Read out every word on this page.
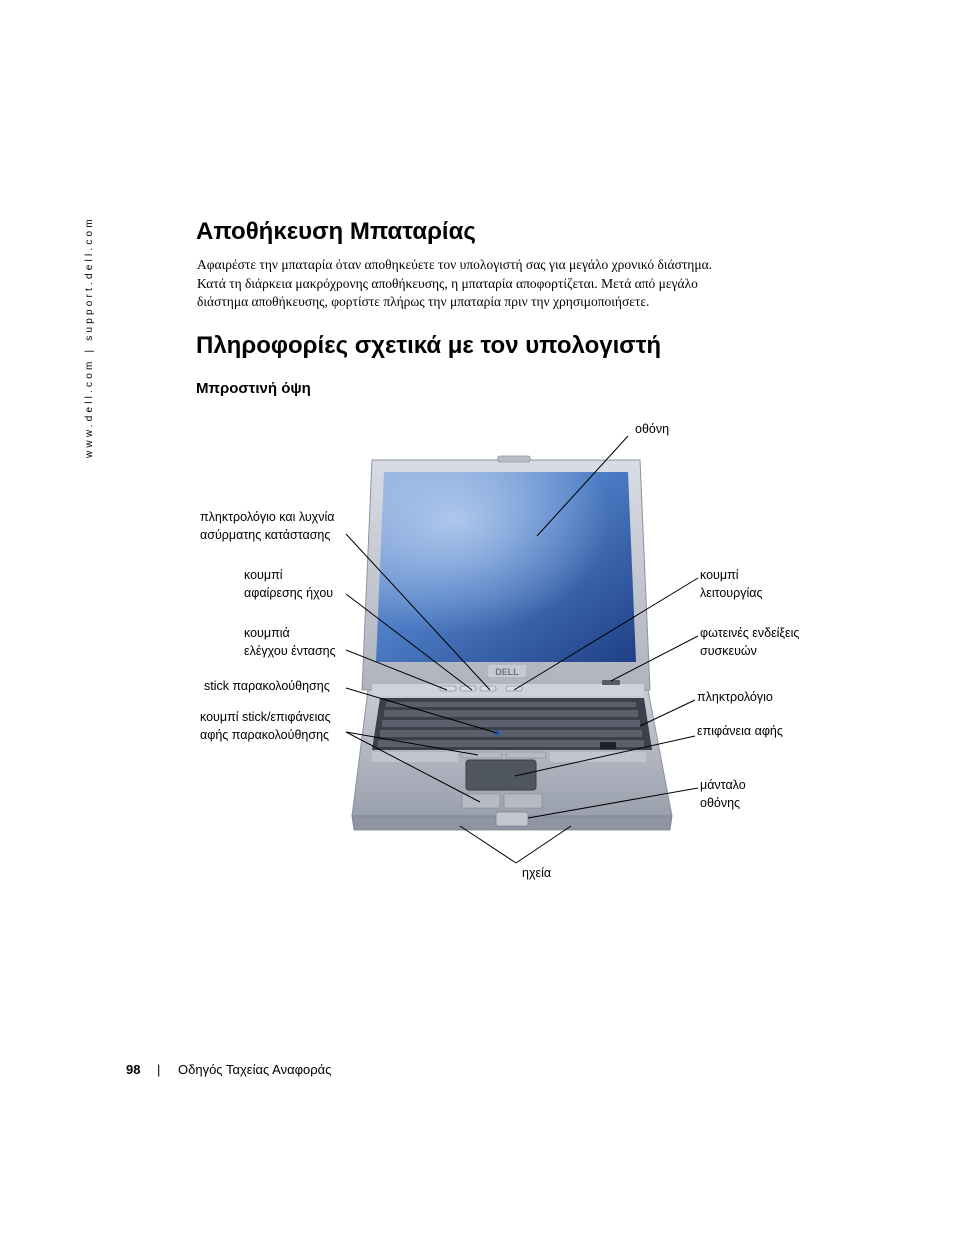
www.dell.com | support.dell.com	Αποθήκευση Μπαταρίας

Αφαιρέστε την μπαταρία όταν αποθηκεύετε τον υπολογιστή σας για μεγάλο χρονικό διάστημα.
Κατά τη διάρκεια μακρόχρονης αποθήκευσης, η μπαταρία αποφορτίζεται. Μετά από μεγάλο
διάστημα αποθήκευσης, φορτίστε πλήρως την μπαταρία πριν την χρησιμοποιήσετε.

Πληροφορίες σχετικά με τον υπολογιστή
Μπροστινή όψη
DELL
οθόνη
πληκτρολόγιο και λυχνία
ασύρματης κατάστασης
κουμπί
αφαίρεσης ήχου
κουμπιά
ελέγχου έντασης
stick παρακολούθησης
κουμπί stick/επιφάνειας
αφής παρακολούθησης
κουμπί
λειτουργίας
φωτεινές ενδείξεις
συσκευών
πληκτρολόγιο
επιφάνεια αφής
μάνταλο
οθόνης
ηχεία
98 | Οδηγός Ταχείας Αναφοράς
